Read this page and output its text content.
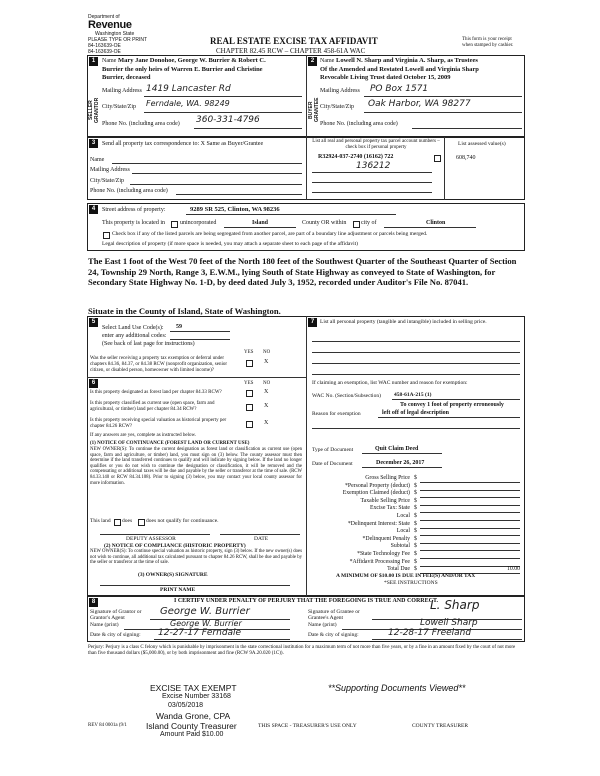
Department of
Revenue
Washington State
PLEASE TYPE OR PRINT
84-163639-OE
84-163639-OE
REAL ESTATE EXCISE TAX AFFIDAVIT
CHAPTER 82.45 RCW – CHAPTER 458-61A WAC
This form is your receipt
when stamped by cashier.
1	2
SELLER GRANTOR	BUYER GRANTEE
Name Mary Jane Donohoe, George W. Burrier & Robert C.
Burrier the only heirs of Warren E. Burrier and Christine
Burrier, deceased
Mailing Address 1419 Lancaster Rd
City/State/Zip Ferndale, WA. 98249
Phone No. (including area code) 360-331-4796
Name Lowell N. Sharp and Virginia A. Sharp, as Trustees
Of the Amended and Restated Lowell and Virginia Sharp
Revocable Living Trust dated October 15, 2009
Mailing Address PO Box 1571
City/State/Zip Oak Harbor, WA 98277
Phone No. (including area code)
3	Send all property tax correspondence to: X Same as Buyer/Grantee
Name
Mailing Address
City/State/Zip
Phone No. (including area code)
List all real and personal property tax parcel account numbers – check box if personal property
R32924-037-2740 (16162) 722
136212
List assessed value(s)
608,740
4	Street address of property:	9289 SR 525, Clinton, WA 98236
This property is located in	unincorporated	Island	County OR within city of	Clinton
Check box if any of the listed parcels are being segregated from another parcel, are part of a boundary line adjustment or parcels being merged.
Legal description of property (if more space is needed, you may attach a separate sheet to each page of the affidavit)
The East 1 foot of the West 70 feet of the North 180 feet of the Southwest Quarter of the Southeast Quarter of Section 24, Township 29 North, Range 3, E.W.M., lying South of State Highway as conveyed to State of Washington, for Secondary State Highway No. 1-D, by deed dated July 3, 1952, recorded under Auditor's File No. 87041.
Situate in the County of Island, State of Washington.
5
Select Land Use Code(s): 59
enter any additional codes:
(See back of last page for instructions)
YES NO
Was the seller receiving a property tax exemption or deferral under chapters 84.36, 84.37, or 84.38 RCW (nonprofit organization, senior citizen, or disabled person, homeowner with limited income)?
X
6	YES NO
Is this property designated as forest land per chapter 84.33 RCW?	X
Is this property classified as current use (open space, farm and agricultural, or timber) land per chapter 84.34 RCW?
X
Is this property receiving special valuation as historical property per chapter 84.26 RCW?
X
If any answers are yes, complete as instructed below.
(1) NOTICE OF CONTINUANCE (FOREST LAND OR CURRENT USE)
NEW OWNER(S): To continue the current designation as forest land or classification as current use (open space, farm and agriculture, or timber) land, you must sign on (3) below. The county assessor must then determine if the land transferred continues to qualify and will indicate by signing below. If the land no longer qualifies or you do not wish to continue the designation or classification, it will be removed and the compensating or additional taxes will be due and payable by the seller or transferor at the time of sale. (RCW 84.33.140 or RCW 84.34.108). Prior to signing (3) below, you may contact your local county assessor for more information.
This land does	does not qualify for continuance.
DEPUTY ASSESSOR	DATE
(2) NOTICE OF COMPLIANCE (HISTORIC PROPERTY)
NEW OWNER(S): To continue special valuation as historic property, sign (3) below. If the new owner(s) does not wish to continue, all additional tax calculated pursuant to chapter 84.26 RCW, shall be due and payable by the seller or transferor at the time of sale.
(3) OWNER(S) SIGNATURE
PRINT NAME
7	List all personal property (tangible and intangible) included in selling price.
If claiming an exemption, list WAC number and reason for exemption:
WAC No. (Section/Subsection) 458-61A-215 (1)
To convey 1 foot of property erroneously
Reason for exemption	left off of legal description
Type of Document	Quit Claim Deed
Date of Document	December 26, 2017
Gross Selling Price $
*Personal Property (deduct) $
Exemption Claimed (deduct) $
Taxable Selling Price $
Excise Tax: State $
Local $
*Delinquent Interest: State $
Local $
*Delinquent Penalty $
Subtotal $
*State Technology Fee $
*Affidavit Processing Fee $
Total Due $	10.00
A MINIMUM OF $10.00 IS DUE IN FEE(S) AND/OR TAX
*SEE INSTRUCTIONS
8	I CERTIFY UNDER PENALTY OF PERJURY THAT THE FOREGOING IS TRUE AND CORRECT.
Signature of Grantor or Grantor's Agent
George W. Burrier
Name (print)	George W. Burrier
Date & city of signing: 12-27-17 Ferndale
Signature of Grantee or Grantee's Agent
L. Sharp
Name (print)	Lowell Sharp
Date & city of signing:	12-28-17 Freeland
Perjury: Perjury is a class C felony which is punishable by imprisonment in the state correctional institution for a maximum term of not more than five years, or by a fine in an amount fixed by the court of not more than five thousand dollars ($5,000.00), or by both imprisonment and fine (RCW 9A.20.020 (1C)).
EXCISE TAX EXEMPT
Excise Number 33168
03/05/2018
Wanda Grone, CPA
Island County Treasurer
Amount Paid $10.00
**Supporting Documents Viewed**
REV 84 0001a (9/1	THIS SPACE - TREASURER'S USE ONLY	COUNTY TREASURER
